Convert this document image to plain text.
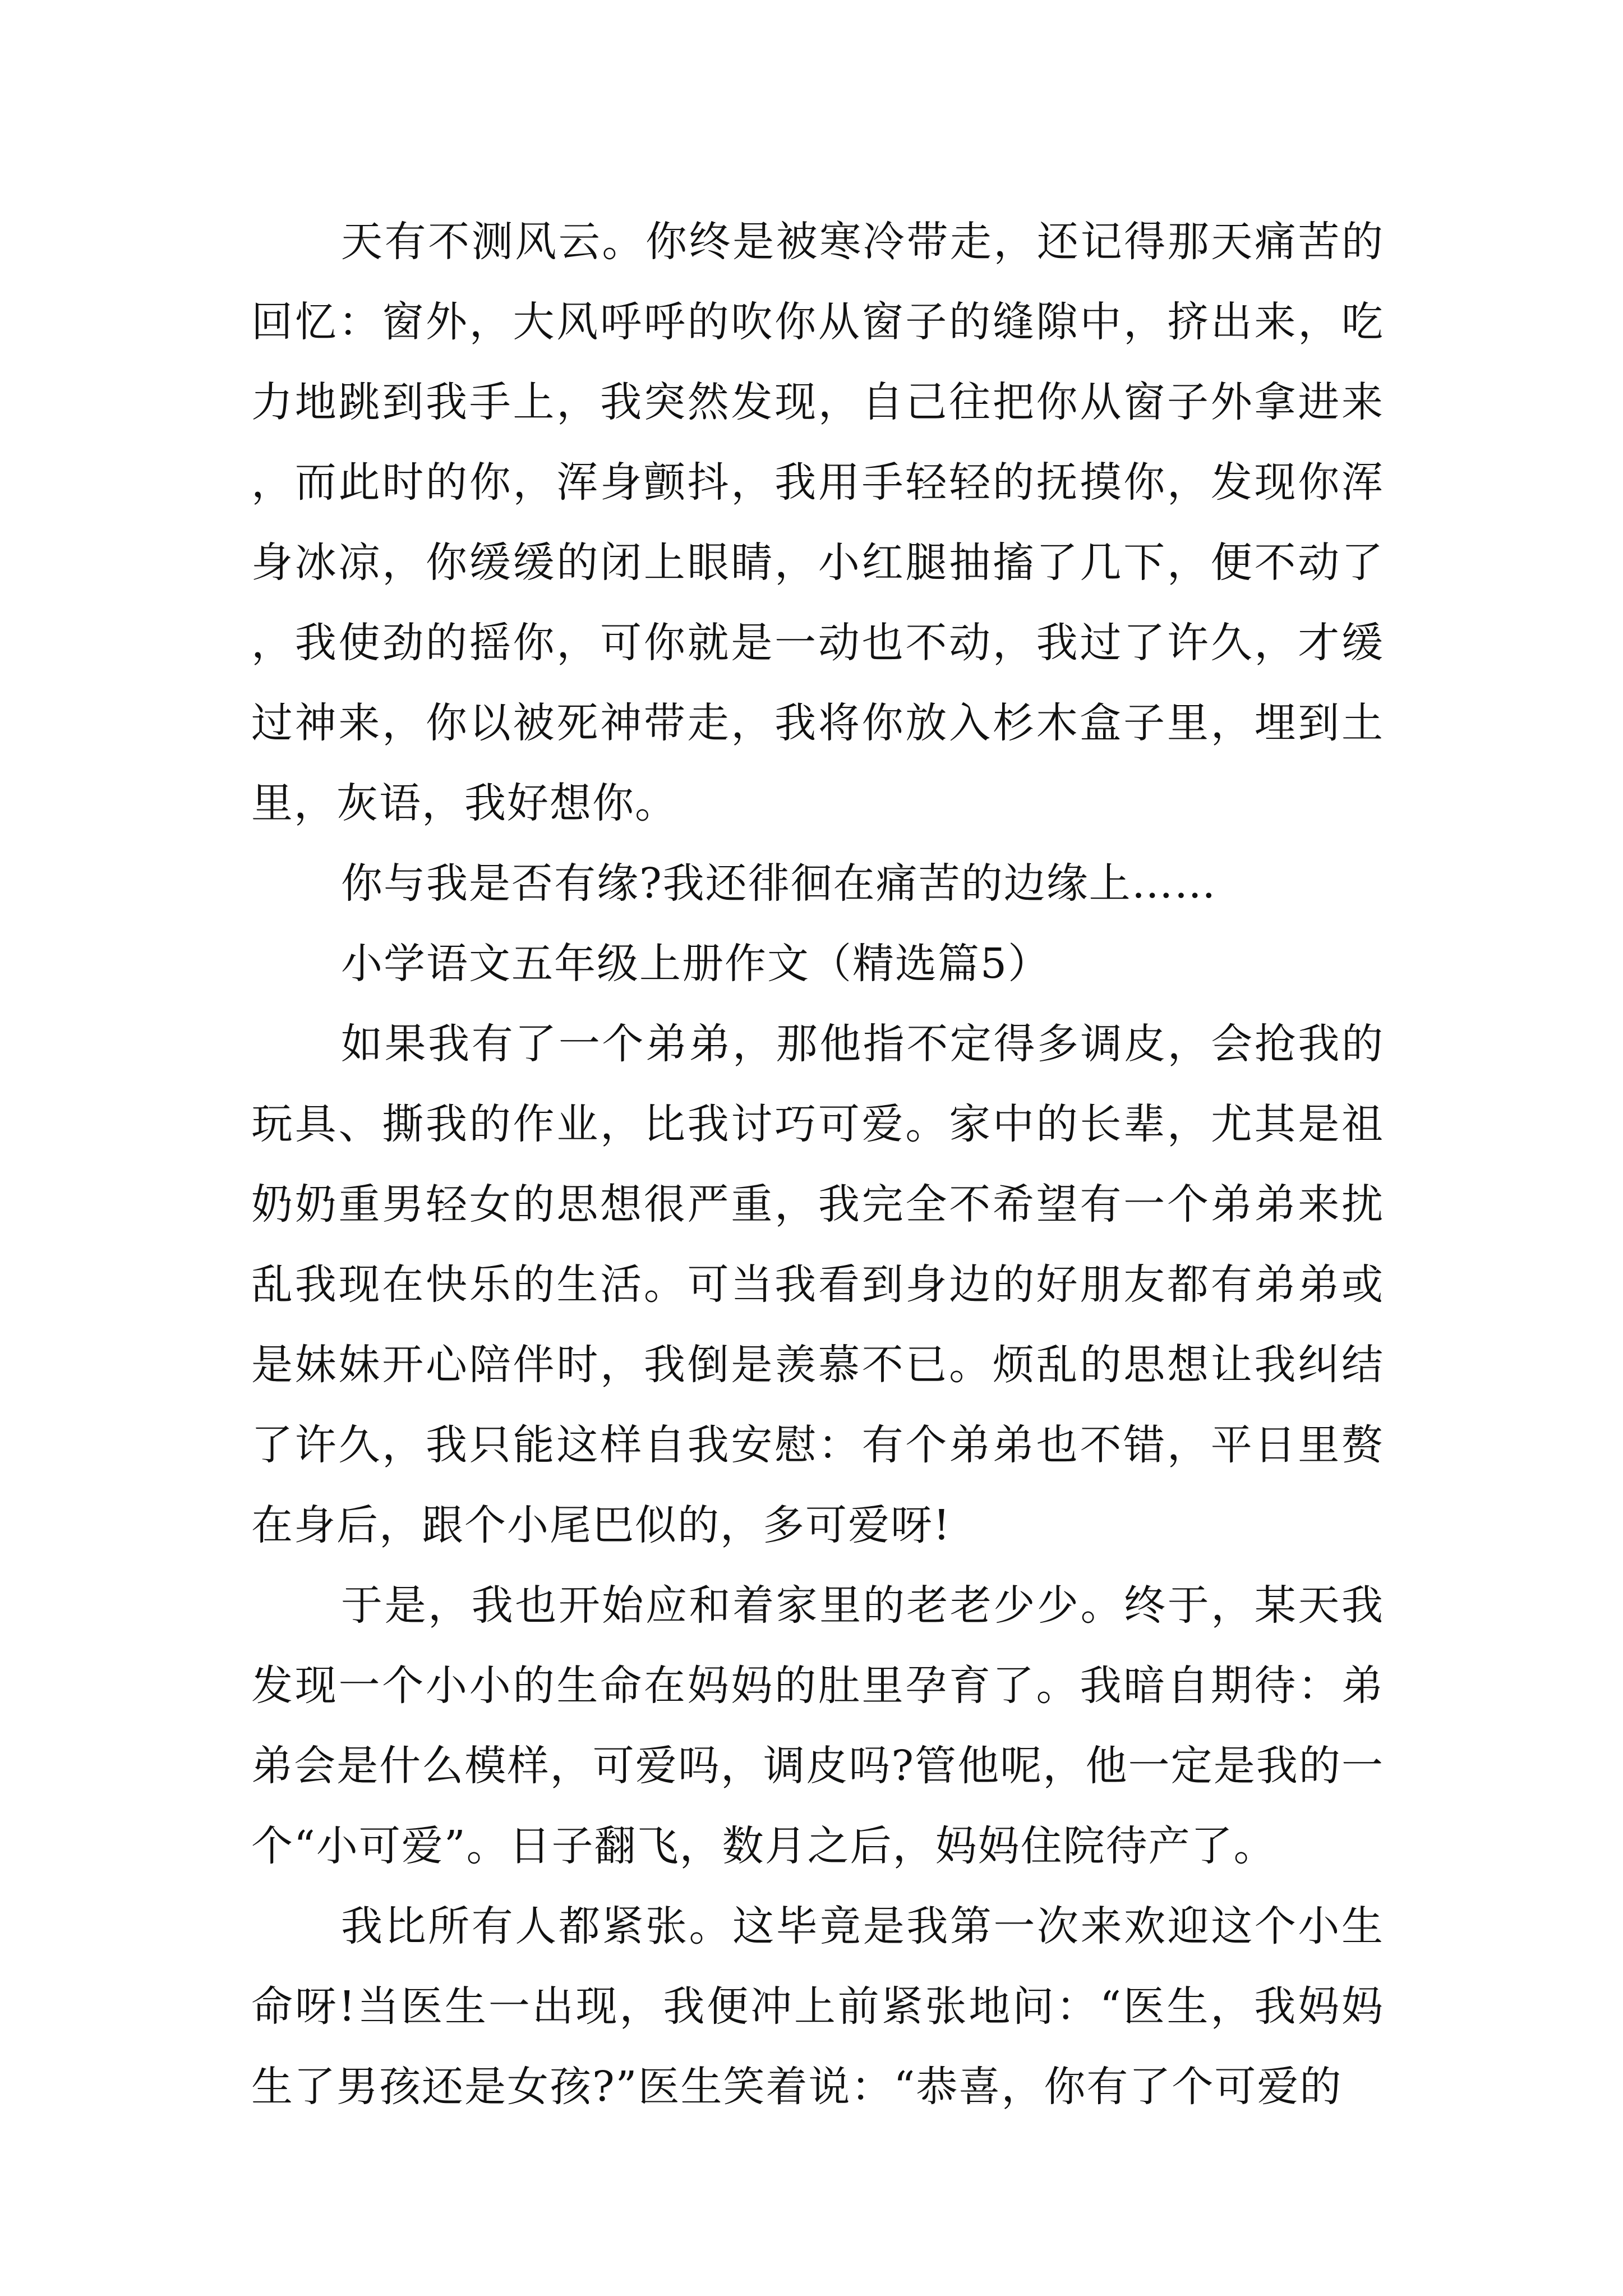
天有不测风云。你终是被寒冷带走，还记得那天痛苦的回忆：窗外，大风呼呼的吹你从窗子的缝隙中，挤出来，吃力地跳到我手上，我突然发现，自己往把你从窗子外拿进来，而此时的你，浑身颤抖，我用手轻轻的抚摸你，发现你浑身冰凉，你缓缓的闭上眼睛，小红腿抽搐了几下，便不动了，我使劲的摇你，可你就是一动也不动，我过了许久，才缓过神来，你以被死神带走，我将你放入杉木盒子里，埋到土里，灰语，我好想你。

你与我是否有缘?我还徘徊在痛苦的边缘上……

小学语文五年级上册作文（精选篇5）

如果我有了一个弟弟，那他指不定得多调皮，会抢我的玩具、撕我的作业，比我讨巧可爱。家中的长辈，尤其是祖奶奶重男轻女的思想很严重，我完全不希望有一个弟弟来扰乱我现在快乐的生活。可当我看到身边的好朋友都有弟弟或是妹妹开心陪伴时，我倒是羡慕不已。烦乱的思想让我纠结了许久，我只能这样自我安慰：有个弟弟也不错，平日里赘在身后，跟个小尾巴似的，多可爱呀!

于是，我也开始应和着家里的老老少少。终于，某天我发现一个小小的生命在妈妈的肚里孕育了。我暗自期待：弟弟会是什么模样，可爱吗，调皮吗?管他呢，他一定是我的一个“小可爱”。日子翻飞，数月之后，妈妈住院待产了。

我比所有人都紧张。这毕竟是我第一次来欢迎这个小生命呀!当医生一出现，我便冲上前紧张地问：“医生，我妈妈生了男孩还是女孩?”医生笑着说：“恭喜，你有了个可爱的
